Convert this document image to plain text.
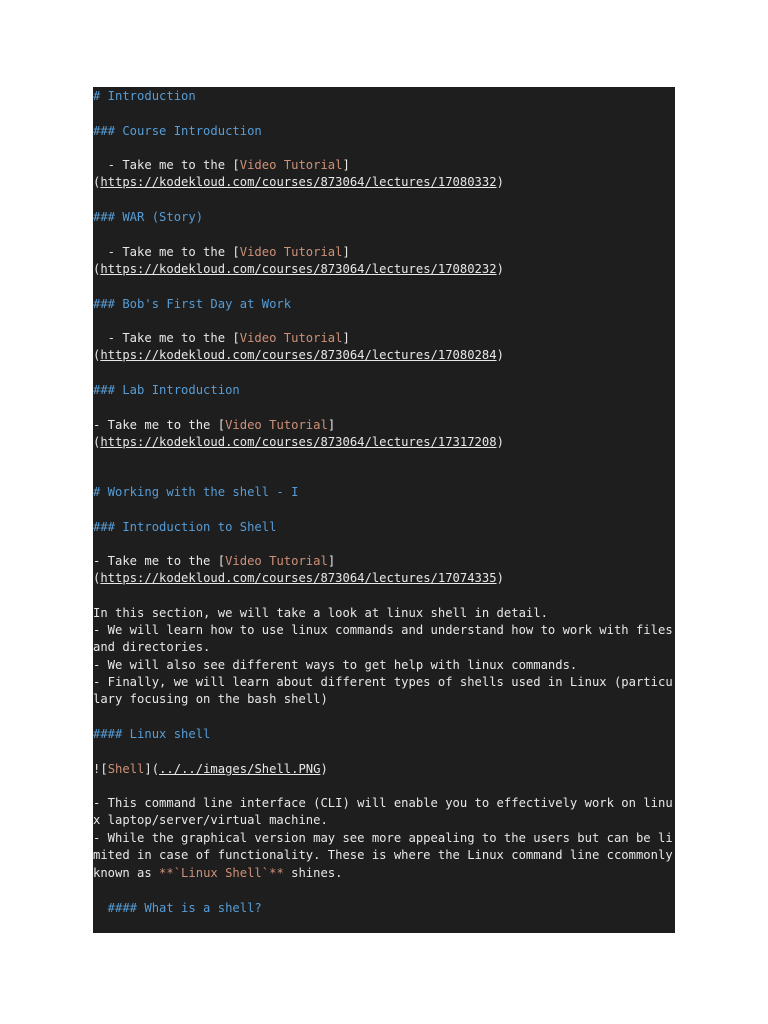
# Introduction
### Course Introduction
- Take me to the [Video Tutorial]
(https://kodekloud.com/courses/873064/lectures/17080332)
### WAR (Story)
- Take me to the [Video Tutorial]
(https://kodekloud.com/courses/873064/lectures/17080232)
### Bob's First Day at Work
- Take me to the [Video Tutorial]
(https://kodekloud.com/courses/873064/lectures/17080284)
### Lab Introduction
- Take me to the [Video Tutorial]
(https://kodekloud.com/courses/873064/lectures/17317208)
# Working with the shell - I
### Introduction to Shell
- Take me to the [Video Tutorial]
(https://kodekloud.com/courses/873064/lectures/17074335)
In this section, we will take a look at linux shell in detail.
- We will learn how to use linux commands and understand how to work with files and directories.
- We will also see different ways to get help with linux commands.
- Finally, we will learn about different types of shells used in Linux (particulary focusing on the bash shell)
#### Linux shell
![Shell](../../images/Shell.PNG)
- This command line interface (CLI) will enable you to effectively work on linux laptop/server/virtual machine.
- While the graphical version may see more appealing to the users but can be limited in case of functionality. These is where the Linux command line ccommonly known as **`Linux Shell`** shines.
#### What is a shell?
